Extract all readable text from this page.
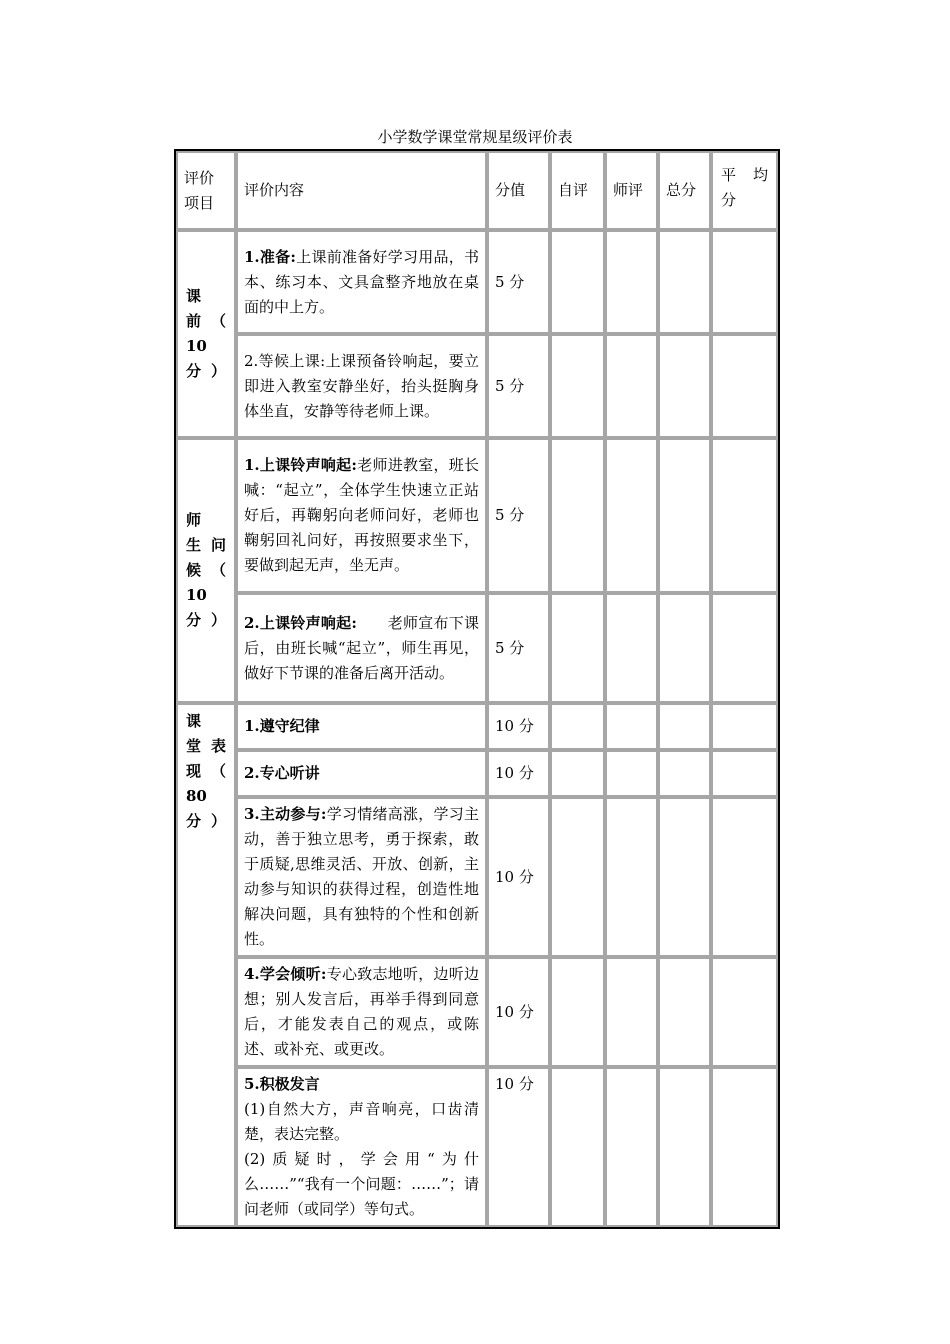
小学数学课堂常规星级评价表
评价项目	评价内容	分值	自评	师评	总分	平　均分
课　前（　10分）	1.准备:上课前准备好学习用品，书本、练习本、文具盒整齐地放在桌面的中上方。	5 分				
	2.等候上课:上课预备铃响起，要立即进入教室安静坐好，抬头挺胸身体坐直，安静等待老师上课。	5 分				
师　生问　候（　10分）	1.上课铃声响起:老师进教室，班长喊：“起立”，全体学生快速立正站好后，再鞠躬向老师问好，老师也鞠躬回礼问好，再按照要求坐下，要做到起无声，坐无声。	5 分				
	2.上课铃声响起:　　老师宣布下课后，由班长喊“起立”，师生再见，做好下节课的准备后离开活动。	5 分				
课　堂表　现（　80分）	1.遵守纪律	10 分				
	2.专心听讲	10 分				
	3.主动参与:学习情绪高涨，学习主动，善于独立思考，勇于探索，敢于质疑,思维灵活、开放、创新，主动参与知识的获得过程，创造性地解决问题，具有独特的个性和创新性。	10 分				
	4.学会倾听:专心致志地听，边听边想；别人发言后，再举手得到同意后，才能发表自己的观点，或陈述、或补充、或更改。	10 分				
	5.积极发言
(1)自然大方，声音响亮，口齿清楚，表达完整。
(2)质疑时，学会用“为什么……”“我有一个问题：……”；请问老师（或同学）等句式。	10 分				
